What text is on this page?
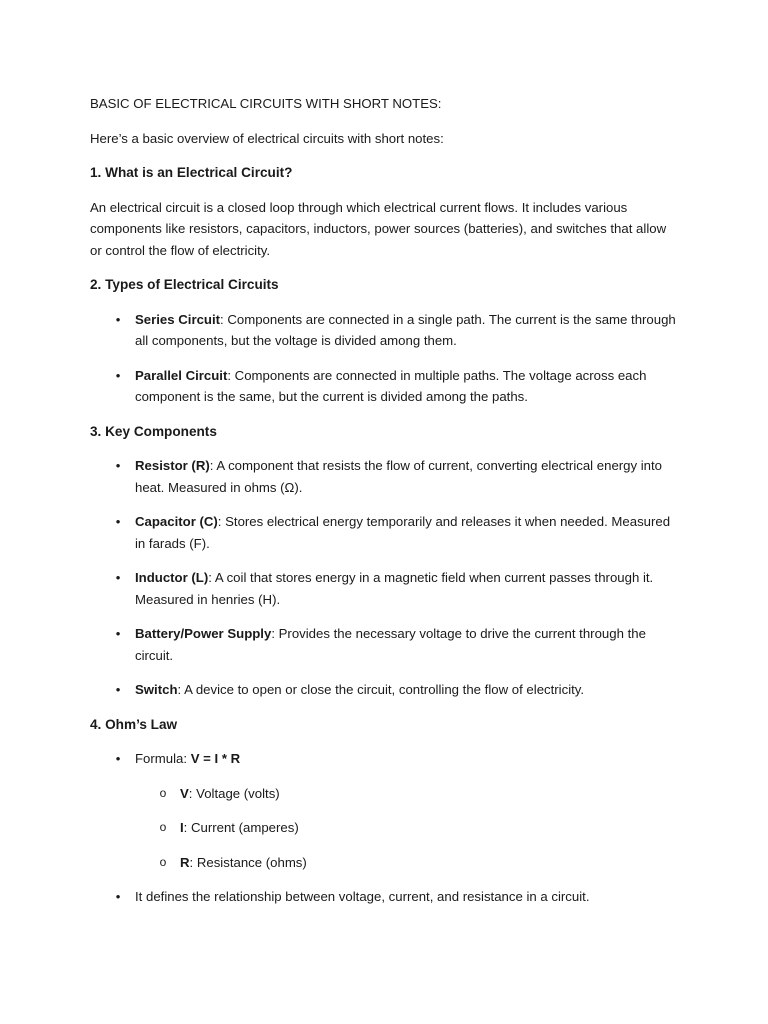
BASIC OF ELECTRICAL CIRCUITS WITH SHORT NOTES:

Here’s a basic overview of electrical circuits with short notes:

1. What is an Electrical Circuit?

An electrical circuit is a closed loop through which electrical current flows. It includes various components like resistors, capacitors, inductors, power sources (batteries), and switches that allow or control the flow of electricity.

2. Types of Electrical Circuits
• Series Circuit: Components are connected in a single path. The current is the same through all components, but the voltage is divided among them.
• Parallel Circuit: Components are connected in multiple paths. The voltage across each component is the same, but the current is divided among the paths.
3. Key Components
• Resistor (R): A component that resists the flow of current, converting electrical energy into heat. Measured in ohms (Ω).
• Capacitor (C): Stores electrical energy temporarily and releases it when needed. Measured in farads (F).
• Inductor (L): A coil that stores energy in a magnetic field when current passes through it. Measured in henries (H).
• Battery/Power Supply: Provides the necessary voltage to drive the current through the circuit.
• Switch: A device to open or close the circuit, controlling the flow of electricity.
4. Ohm’s Law
• Formula: V = I * R
o V: Voltage (volts)
o I: Current (amperes)
o R: Resistance (ohms)
• It defines the relationship between voltage, current, and resistance in a circuit.
